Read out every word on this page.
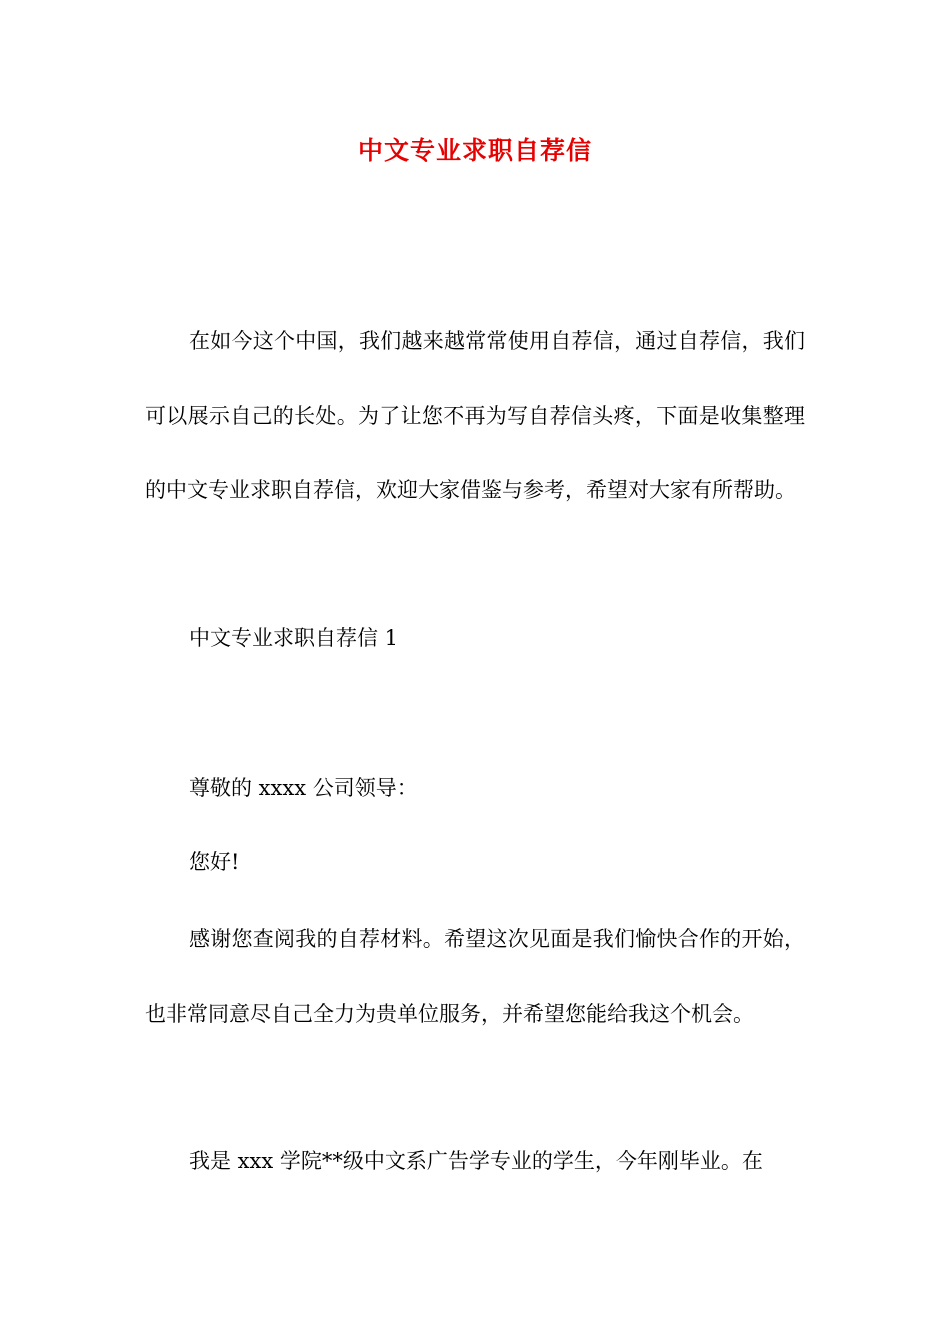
中文专业求职自荐信

在如今这个中国，我们越来越常常使用自荐信，通过自荐信，我们可以展示自己的长处。为了让您不再为写自荐信头疼，下面是收集整理的中文专业求职自荐信，欢迎大家借鉴与参考，希望对大家有所帮助。

中文专业求职自荐信 1

尊敬的 xxxx 公司领导：

您好!

感谢您查阅我的自荐材料。希望这次见面是我们愉快合作的开始，也非常同意尽自己全力为贵单位服务，并希望您能给我这个机会。

我是 xxx 学院**级中文系广告学专业的学生，今年刚毕业。在
